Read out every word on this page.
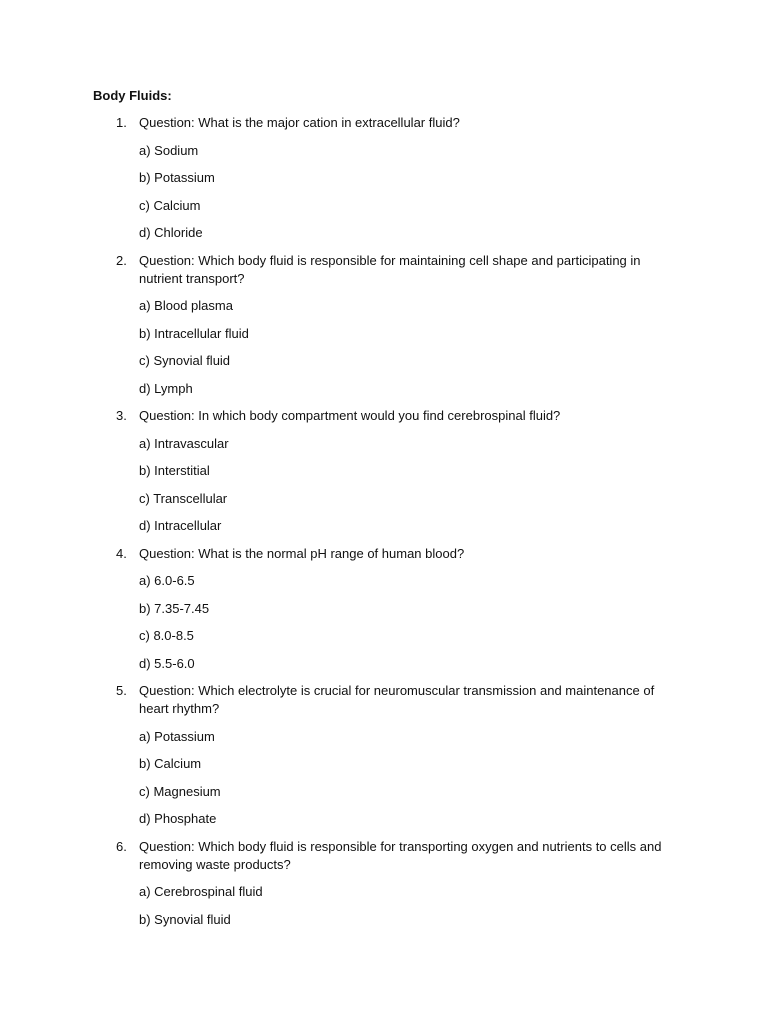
Body Fluids:
1. Question: What is the major cation in extracellular fluid?

a) Sodium
b) Potassium
c) Calcium
d) Chloride
2. Question: Which body fluid is responsible for maintaining cell shape and participating in nutrient transport?

a) Blood plasma
b) Intracellular fluid
c) Synovial fluid
d) Lymph
3. Question: In which body compartment would you find cerebrospinal fluid?

a) Intravascular
b) Interstitial
c) Transcellular
d) Intracellular
4. Question: What is the normal pH range of human blood?

a) 6.0-6.5
b) 7.35-7.45
c) 8.0-8.5
d) 5.5-6.0
5. Question: Which electrolyte is crucial for neuromuscular transmission and maintenance of heart rhythm?

a) Potassium
b) Calcium
c) Magnesium
d) Phosphate
6. Question: Which body fluid is responsible for transporting oxygen and nutrients to cells and removing waste products?

a) Cerebrospinal fluid
b) Synovial fluid
